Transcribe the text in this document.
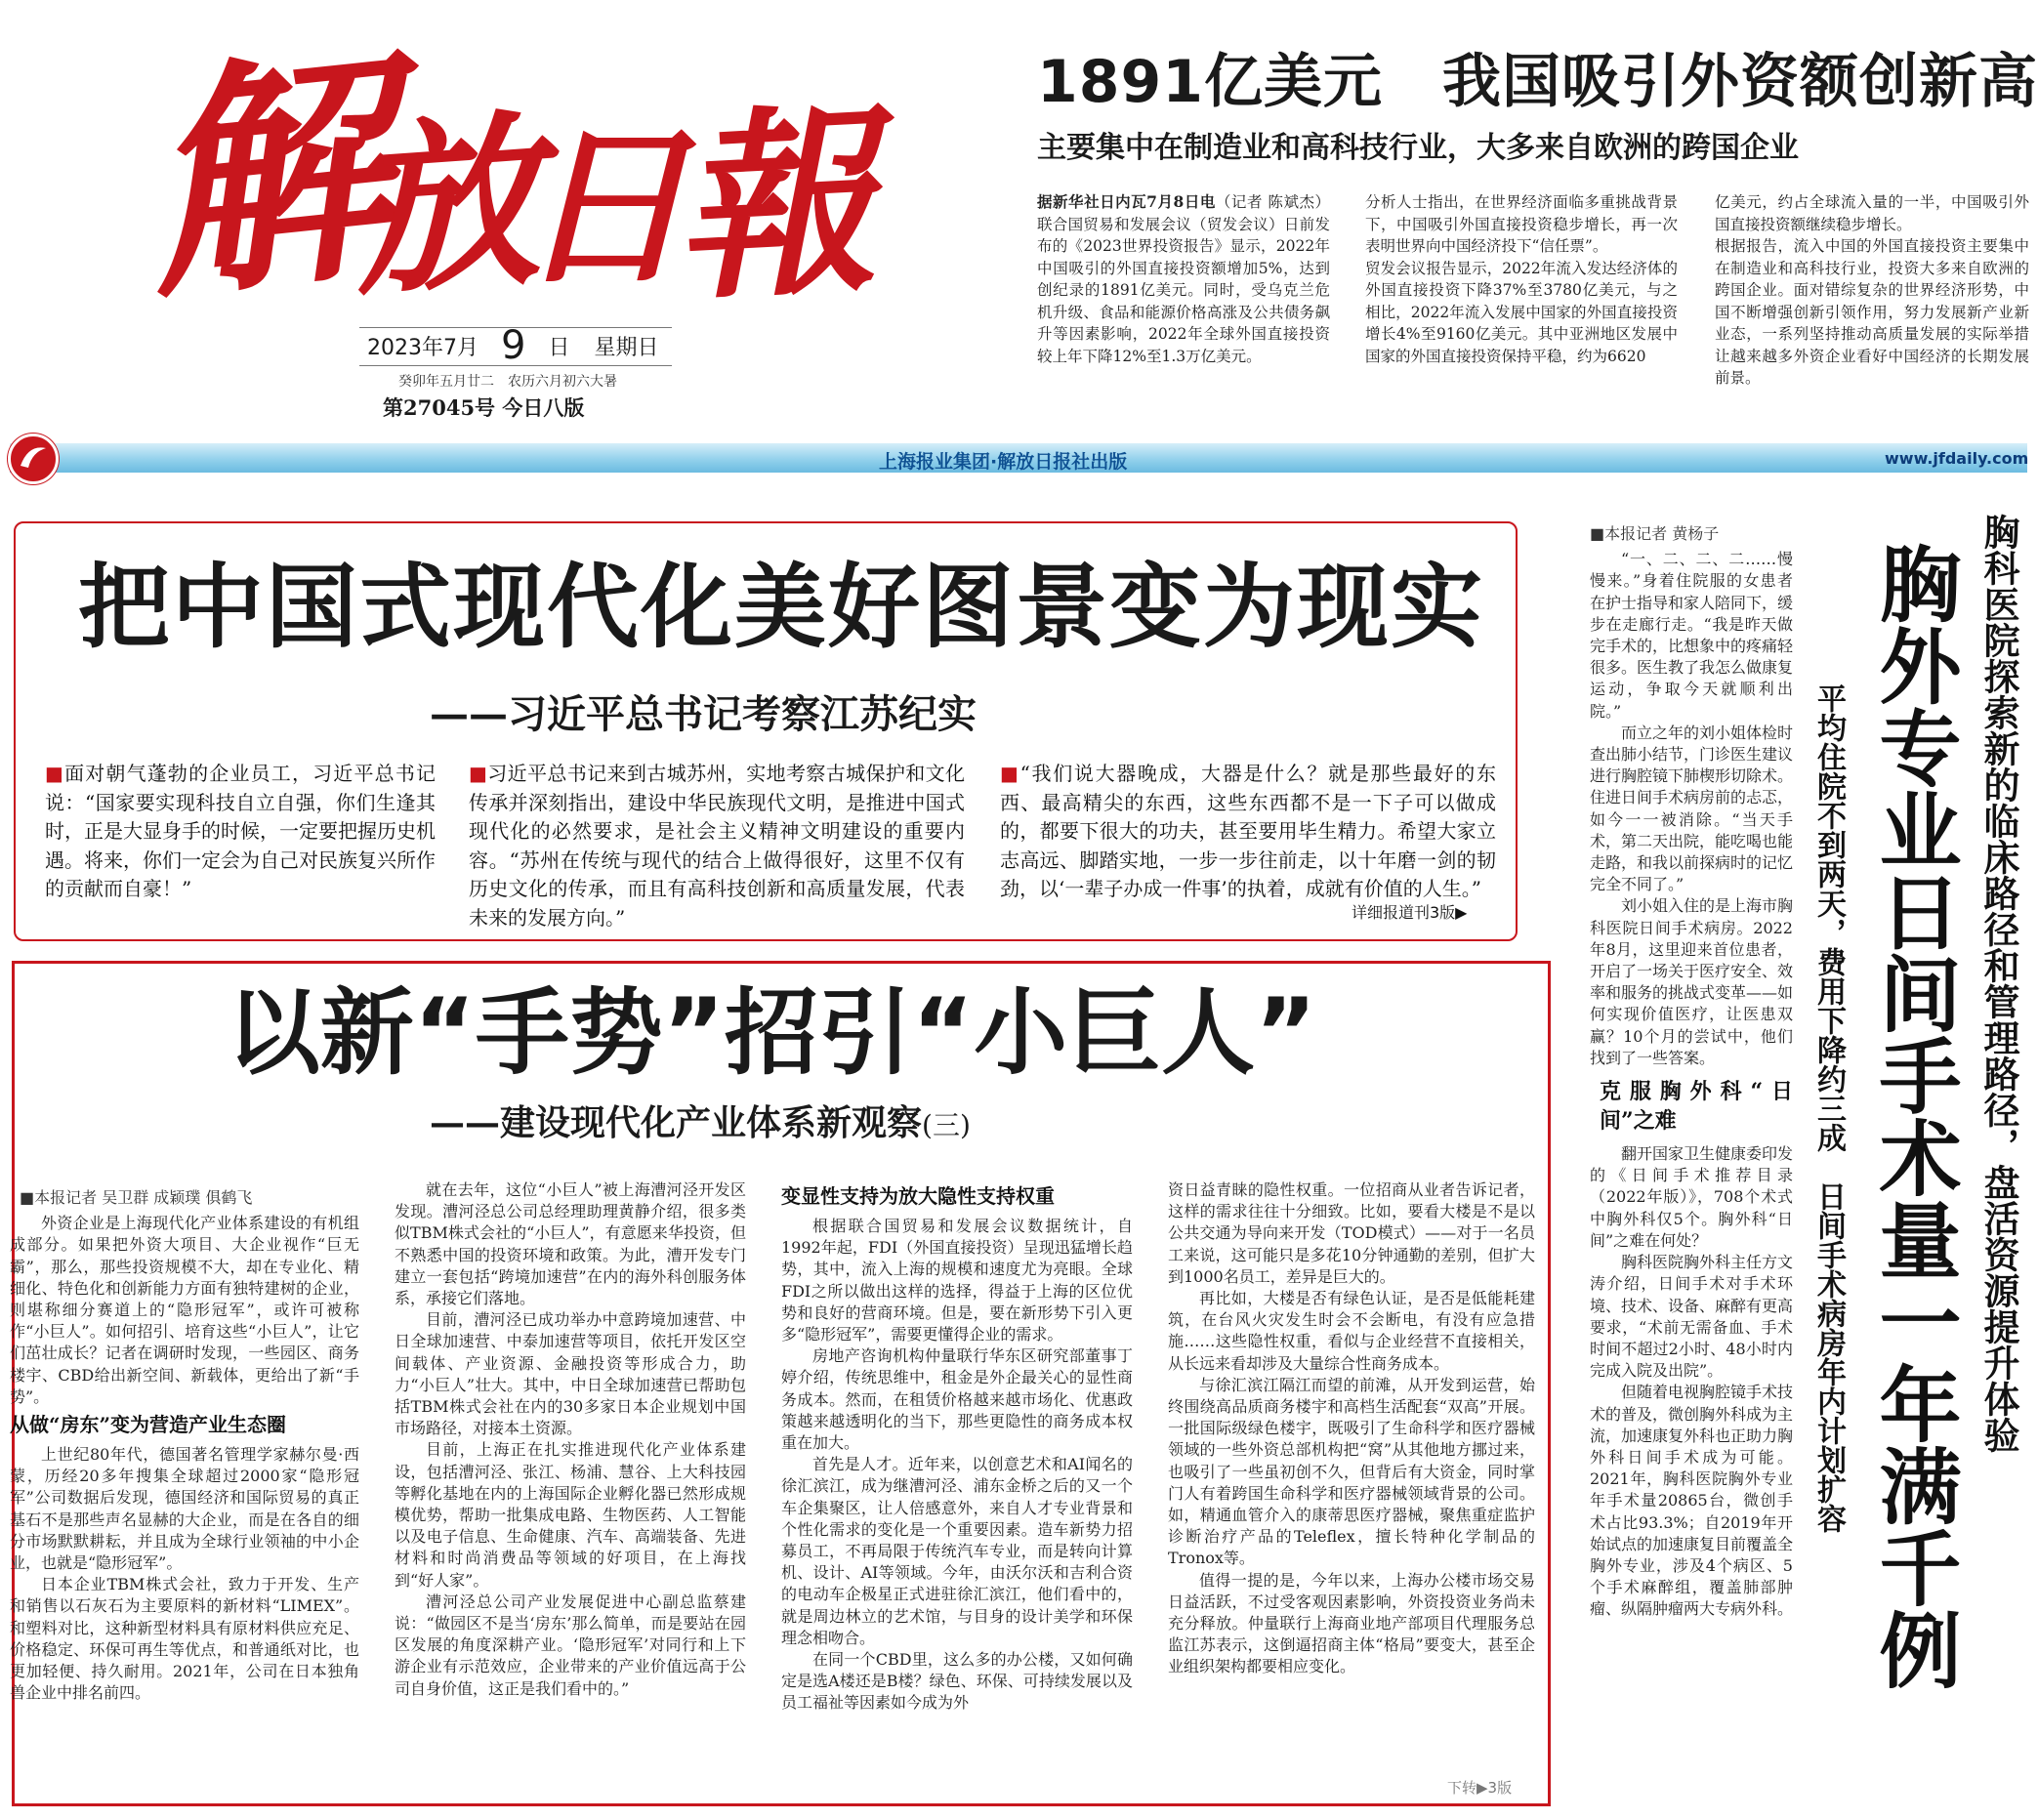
解
放
日
報
2023年7月 9 日 星期日
癸卯年五月廿二　农历六月初六大暑
第27045号 今日八版
1891亿美元　我国吸引外资额创新高
主要集中在制造业和高科技行业，大多来自欧洲的跨国企业

据新华社日内瓦7月8日电（记者 陈斌杰）联合国贸易和发展会议（贸发会议）日前发布的《2023世界投资报告》显示，2022年中国吸引的外国直接投资额增加5%，达到创纪录的1891亿美元。同时，受乌克兰危机升级、食品和能源价格高涨及公共债务飙升等因素影响，2022年全球外国直接投资较上年下降12%至1.3万亿美元。

分析人士指出，在世界经济面临多重挑战背景下，中国吸引外国直接投资稳步增长，再一次表明世界向中国经济投下“信任票”。
贸发会议报告显示，2022年流入发达经济体的外国直接投资下降37%至3780亿美元，与之相比，2022年流入发展中国家的外国直接投资增长4%至9160亿美元。其中亚洲地区发展中国家的外国直接投资保持平稳，约为6620
亿美元，约占全球流入量的一半，中国吸引外国直接投资额继续稳步增长。
根据报告，流入中国的外国直接投资主要集中在制造业和高科技行业，投资大多来自欧洲的跨国企业。面对错综复杂的世界经济形势，中国不断增强创新引领作用，努力发展新产业新业态，一系列坚持推动高质量发展的实际举措让越来越多外资企业看好中国经济的长期发展前景。
上海报业集团·解放日报社出版	www.jfdaily.com
把中国式现代化美好图景变为现实
——习近平总书记考察江苏纪实
■面对朝气蓬勃的企业员工，习近平总书记说：“国家要实现科技自立自强，你们生逢其时，正是大显身手的时候，一定要把握历史机遇。将来，你们一定会为自己对民族复兴所作的贡献而自豪！”
■习近平总书记来到古城苏州，实地考察古城保护和文化传承并深刻指出，建设中华民族现代文明，是推进中国式现代化的必然要求，是社会主义精神文明建设的重要内容。“苏州在传统与现代的结合上做得很好，这里不仅有历史文化的传承，而且有高科技创新和高质量发展，代表未来的发展方向。”
■“我们说大器晚成，大器是什么？就是那些最好的东西、最高精尖的东西，这些东西都不是一下子可以做成的，都要下很大的功夫，甚至要用毕生精力。希望大家立志高远、脚踏实地，一步一步往前走，以十年磨一剑的韧劲，以‘一辈子办成一件事’的执着，成就有价值的人生。”
详细报道刊3版▶
以新“手势”招引“小巨人”
——建设现代化产业体系新观察(三)

■本报记者 吴卫群 成颖璞 俱鹤飞

外资企业是上海现代化产业体系建设的有机组成部分。如果把外资大项目、大企业视作“巨无霸”，那么，那些投资规模不大，却在专业化、精细化、特色化和创新能力方面有独特建树的企业，则堪称细分赛道上的“隐形冠军”，或许可被称作“小巨人”。如何招引、培育这些“小巨人”，让它们茁壮成长？记者在调研时发现，一些园区、商务楼宇、CBD给出新空间、新载体，更给出了新“手势”。

从做“房东”变为营造产业生态圈

上世纪80年代，德国著名管理学家赫尔曼·西蒙，历经20多年搜集全球超过2000家“隐形冠军”公司数据后发现，德国经济和国际贸易的真正基石不是那些声名显赫的大企业，而是在各自的细分市场默默耕耘，并且成为全球行业领袖的中小企业，也就是“隐形冠军”。

日本企业TBM株式会社，致力于开发、生产和销售以石灰石为主要原料的新材料“LIMEX”。和塑料对比，这种新型材料具有原材料供应充足、价格稳定、环保可再生等优点，和普通纸对比，也更加轻便、持久耐用。2021年，公司在日本独角兽企业中排名前四。

就在去年，这位“小巨人”被上海漕河泾开发区发现。漕河泾总公司总经理助理黄静介绍，很多类似TBM株式会社的“小巨人”，有意愿来华投资，但不熟悉中国的投资环境和政策。为此，漕开发专门建立一套包括“跨境加速营”在内的海外科创服务体系，承接它们落地。

目前，漕河泾已成功举办中意跨境加速营、中日全球加速营、中泰加速营等项目，依托开发区空间载体、产业资源、金融投资等形成合力，助力“小巨人”壮大。其中，中日全球加速营已帮助包括TBM株式会社在内的30多家日本企业规划中国市场路径，对接本土资源。

目前，上海正在扎实推进现代化产业体系建设，包括漕河泾、张江、杨浦、慧谷、上大科技园等孵化基地在内的上海国际企业孵化器已然形成规模优势，帮助一批集成电路、生物医药、人工智能以及电子信息、生命健康、汽车、高端装备、先进材料和时尚消费品等领域的好项目，在上海找到“好人家”。

漕河泾总公司产业发展促进中心副总监蔡建说：“做园区不是当‘房东’那么简单，而是要站在园区发展的角度深耕产业。‘隐形冠军’对同行和上下游企业有示范效应，企业带来的产业价值远高于公司自身价值，这正是我们看中的。”

变显性支持为放大隐性支持权重

根据联合国贸易和发展会议数据统计，自1992年起，FDI（外国直接投资）呈现迅猛增长趋势，其中，流入上海的规模和速度尤为亮眼。全球FDI之所以做出这样的选择，得益于上海的区位优势和良好的营商环境。但是，要在新形势下引入更多“隐形冠军”，需要更懂得企业的需求。

房地产咨询机构仲量联行华东区研究部董事丁婷介绍，传统思维中，租金是外企最关心的显性商务成本。然而，在租赁价格越来越市场化、优惠政策越来越透明化的当下，那些更隐性的商务成本权重在加大。

首先是人才。近年来，以创意艺术和AI闻名的徐汇滨江，成为继漕河泾、浦东金桥之后的又一个车企集聚区，让人倍感意外，来自人才专业背景和个性化需求的变化是一个重要因素。造车新势力招募员工，不再局限于传统汽车专业，而是转向计算机、设计、AI等领域。今年，由沃尔沃和吉利合资的电动车企极星正式进驻徐汇滨江，他们看中的，就是周边林立的艺术馆，与目身的设计美学和环保理念相吻合。

在同一个CBD里，这么多的办公楼，又如何确定是选A楼还是B楼？绿色、环保、可持续发展以及员工福祉等因素如今成为外

资日益青睐的隐性权重。一位招商从业者告诉记者，这样的需求往往十分细致。比如，要看大楼是不是以公共交通为导向来开发（TOD模式）——对于一名员工来说，这可能只是多花10分钟通勤的差别，但扩大到1000名员工，差异是巨大的。

再比如，大楼是否有绿色认证，是否是低能耗建筑，在台风火灾发生时会不会断电，有没有应急措施……这些隐性权重，看似与企业经营不直接相关，从长远来看却涉及大量综合性商务成本。

与徐汇滨江隔江而望的前滩，从开发到运营，始终围绕高品质商务楼宇和高档生活配套“双高”开展。一批国际级绿色楼宇，既吸引了生命科学和医疗器械领域的一些外资总部机构把“窝”从其他地方挪过来，也吸引了一些虽初创不久，但背后有大资金，同时掌门人有着跨国生命科学和医疗器械领域背景的公司。如，精通血管介入的康蒂思医疗器械，聚焦重症监护诊断治疗产品的Teleflex，擅长特种化学制品的Tronox等。

值得一提的是，今年以来，上海办公楼市场交易日益活跃，不过受客观因素影响，外资投资业务尚未充分释放。仲量联行上海商业地产部项目代理服务总监江苏表示，这倒逼招商主体“格局”要变大，甚至企业组织架构都要相应变化。

下转▶3版

■本报记者 黄杨子

“一、二、二、二……慢慢来。”身着住院服的女患者在护士指导和家人陪同下，缓步在走廊行走。“我是昨天做完手术的，比想象中的疼痛轻很多。医生教了我怎么做康复运动，争取今天就顺利出院。”

而立之年的刘小姐体检时查出肺小结节，门诊医生建议进行胸腔镜下肺楔形切除术。住进日间手术病房前的忐忑，如今一一被消除。“当天手术，第二天出院，能吃喝也能走路，和我以前探病时的记忆完全不同了。”

刘小姐入住的是上海市胸科医院日间手术病房。2022年8月，这里迎来首位患者，开启了一场关于医疗安全、效率和服务的挑战式变革——如何实现价值医疗，让医患双赢？10个月的尝试中，他们找到了一些答案。

克服胸外科“日间”之难

翻开国家卫生健康委印发的《日间手术推荐目录（2022年版）》，708个术式中胸外科仅5个。胸外科“日间”之难在何处？

胸科医院胸外科主任方文涛介绍，日间手术对手术环境、技术、设备、麻醉有更高要求，“术前无需备血、手术时间不超过2小时、48小时内完成入院及出院”。

但随着电视胸腔镜手术技术的普及，微创胸外科成为主流，加速康复外科也正助力胸外科日间手术成为可能。2021年，胸科医院胸外专业年手术量20865台，微创手术占比93.3%；自2019年开始试点的加速康复目前覆盖全胸外专业，涉及4个病区、5个手术麻醉组，覆盖肺部肿瘤、纵隔肿瘤两大专病外科。

平均住院不到两天，费用下降约三成　日间手术病房年内计划扩容 胸外专业日间手术量一年满千例 胸科医院探索新的临床路径和管理路径，盘活资源提升体验
